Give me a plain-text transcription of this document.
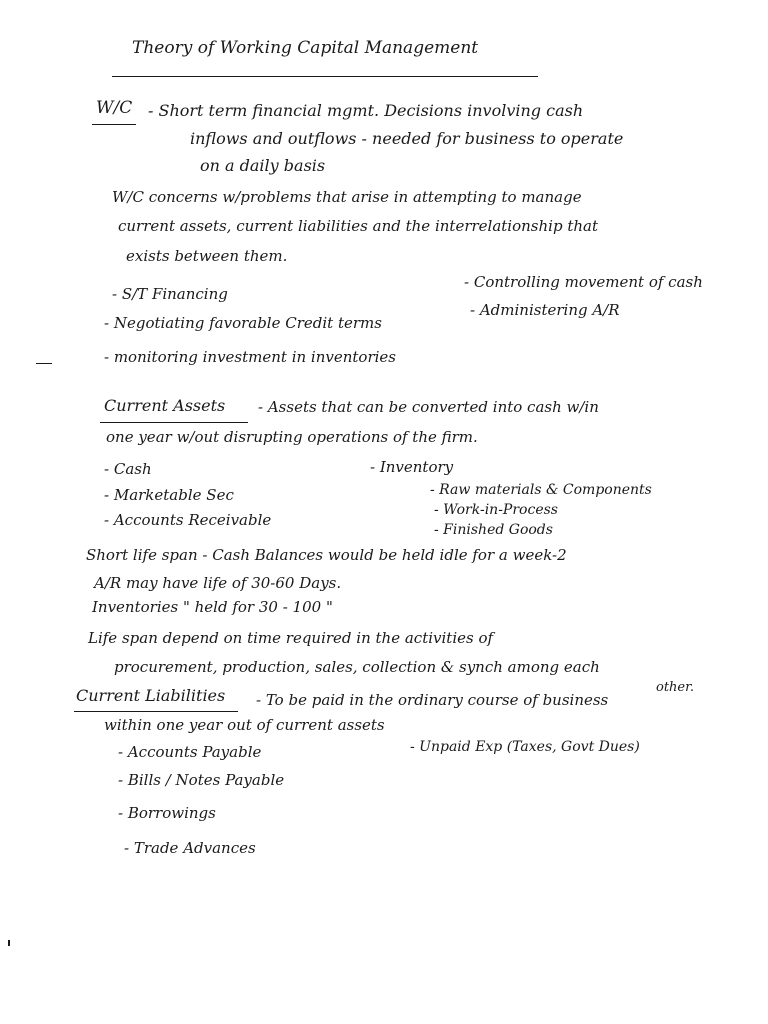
Theory of Working Capital Management
W/C - Short term financial mgmt. Decisions involving cash
inflows and outflows - needed for business to operate
on a daily basis
W/C concerns w/problems that arise in attempting to manage
current assets, current liabilities and the interrelationship that
exists between them.
- S/T Financing
- Negotiating favorable Credit terms
- monitoring investment in inventories
- Controlling movement of cash
- Administering A/R
Current Assets - Assets that can be converted into cash w/in
one year w/out disrupting operations of the firm.
- Cash
- Marketable Sec
- Accounts Receivable
- Inventory
- Raw materials & Components
- Work-in-Process
- Finished Goods
Short life span - Cash Balances would be held idle for a week-2
A/R may have life of 30-60 Days.
Inventories " held for 30 - 100 "
Life span depend on time required in the activities of
procurement, production, sales, collection & synch among each
other.
Current Liabilities - To be paid in the ordinary course of business
within one year out of current assets
- Accounts Payable
- Bills / Notes Payable
- Borrowings
- Trade Advances
- Unpaid Exp (Taxes, Govt Dues)
